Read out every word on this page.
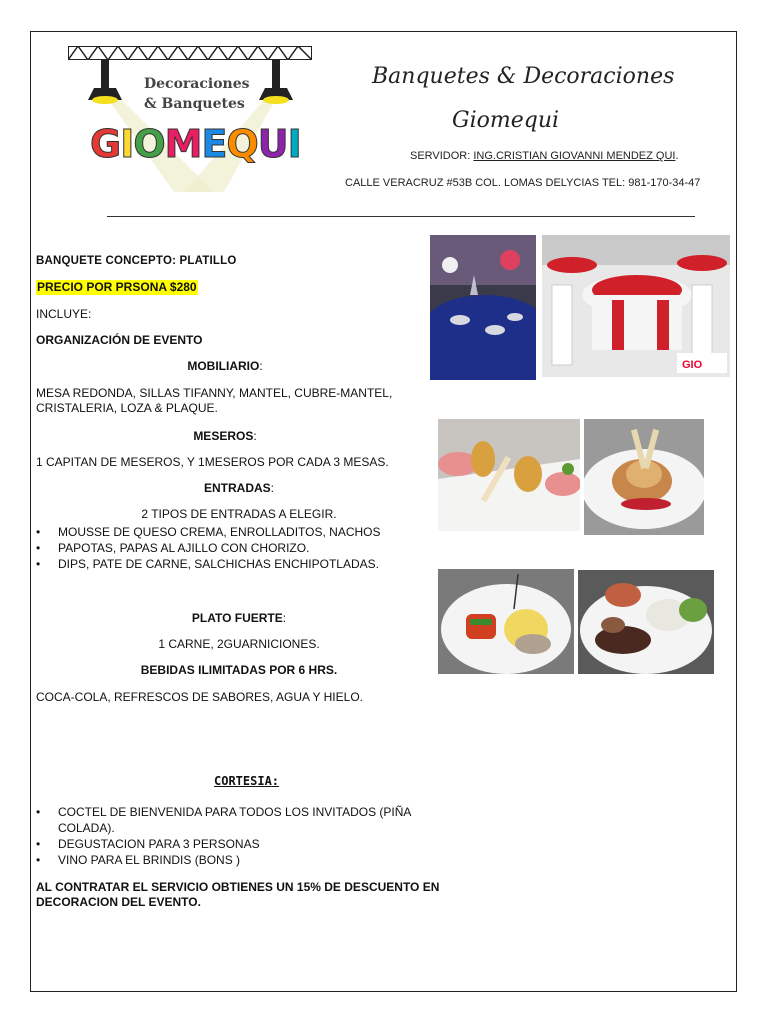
Decoraciones
& Banquetes
GIOMEQUI
Banquetes & Decoraciones
Giomequi
SERVIDOR: ING.CRISTIAN GIOVANNI MENDEZ QUI.
CALLE VERACRUZ #53B COL. LOMAS DELYCIAS TEL: 981-170-34-47
BANQUETE CONCEPTO: PLATILLO
PRECIO POR PRSONA $280
INCLUYE:
ORGANIZACIÓN DE EVENTO
MOBILIARIO:
MESA REDONDA, SILLAS TIFANNY, MANTEL, CUBRE-MANTEL, CRISTALERIA, LOZA & PLAQUE.
MESEROS:
1 CAPITAN DE MESEROS, Y 1MESEROS POR CADA 3 MESAS.
ENTRADAS:
2 TIPOS DE ENTRADAS A ELEGIR.
• MOUSSE DE QUESO CREMA, ENROLLADITOS, NACHOS
• PAPOTAS, PAPAS AL AJILLO CON CHORIZO.
• DIPS, PATE DE CARNE, SALCHICHAS ENCHIPOTLADAS.
PLATO FUERTE:
1 CARNE, 2GUARNICIONES.
BEBIDAS ILIMITADAS POR 6 HRS.
COCA-COLA, REFRESCOS DE SABORES, AGUA Y HIELO.
CORTESIA:
• COCTEL DE BIENVENIDA PARA TODOS LOS INVITADOS (PIÑA COLADA).
• DEGUSTACION PARA 3 PERSONAS
• VINO PARA EL BRINDIS (BONS )
AL CONTRATAR EL SERVICIO OBTIENES UN 15% DE DESCUENTO EN DECORACION DEL EVENTO.
GIO
